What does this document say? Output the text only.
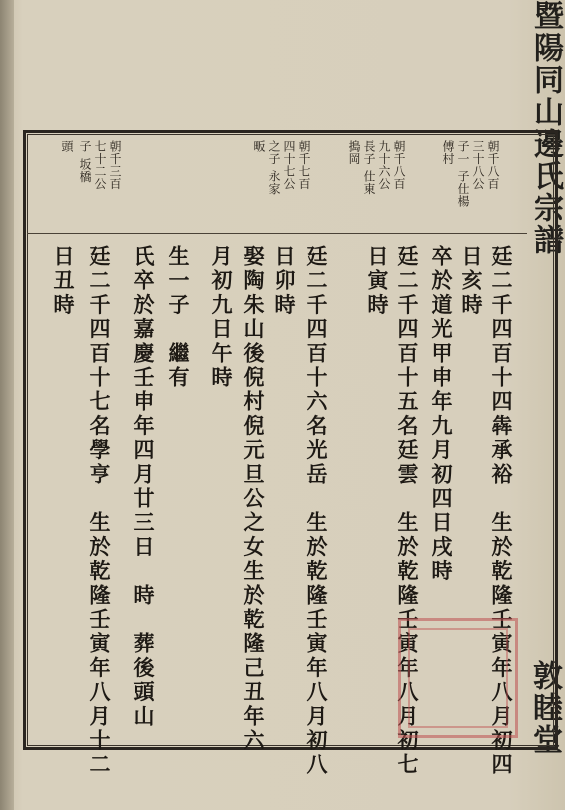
暨陽同山邊氏宗譜
敦睦堂
朝千八百
三十八公
子一
子仕楊
傅村
朝千八百
九十六公
長子
仕東
搗岡
朝千七百
四十七公
之子
永家
畈
朝千三百
七十二公
子
坂橋
頭
廷二千四百十四犇承裕　生於乾隆壬寅年八月初四
日亥時
卒於道光甲申年九月初四日戌時
廷二千四百十五名廷雲　生於乾隆壬寅年八月初七
日寅時
廷二千四百十六名光岳　生於乾隆壬寅年八月初八
日卯時
娶陶朱山後倪村倪元旦公之女生於乾隆己丑年六
月初九日午時
生一子　繼有
氏卒於嘉慶壬申年四月廿三日　時　葬後頭山
廷二千四百十七名學亨　生於乾隆壬寅年八月十二
日丑時
